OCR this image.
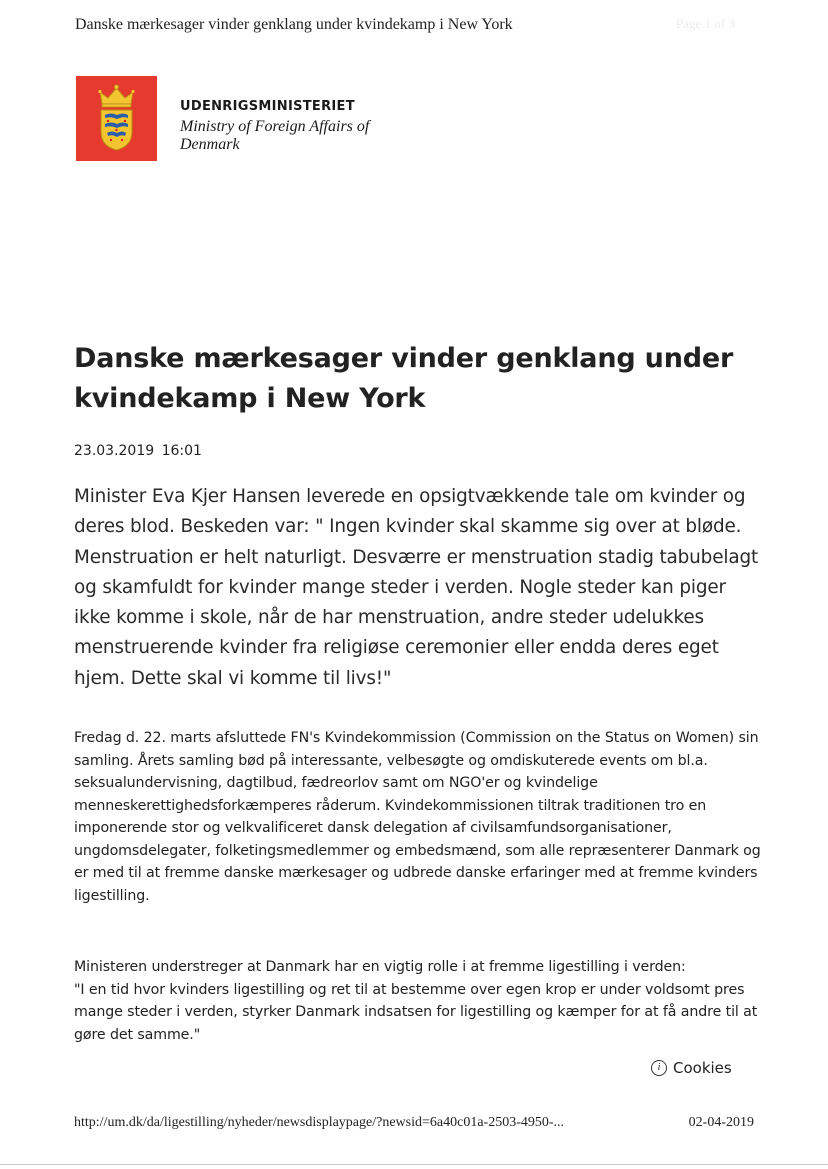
Danske mærkesager vinder genklang under kvindekamp i New York	Page 1 of 3
UDENRIGSMINISTERIET
Ministry of Foreign Affairs of Denmark
Danske mærkesager vinder genklang under kvindekamp i New York
23.03.2019 16:01

Minister Eva Kjer Hansen leverede en opsigtvækkende tale om kvinder og deres blod. Beskeden var: " Ingen kvinder skal skamme sig over at bløde. Menstruation er helt naturligt. Desværre er menstruation stadig tabubelagt og skamfuldt for kvinder mange steder i verden. Nogle steder kan piger ikke komme i skole, når de har menstruation, andre steder udelukkes menstruerende kvinder fra religiøse ceremonier eller endda deres eget hjem. Dette skal vi komme til livs!"

Fredag d. 22. marts afsluttede FN's Kvindekommission (Commission on the Status on Women) sin samling. Årets samling bød på interessante, velbesøgte og omdiskuterede events om bl.a. seksualundervisning, dagtilbud, fædreorlov samt om NGO'er og kvindelige menneskerettighedsforkæmperes råderum. Kvindekommissionen tiltrak traditionen tro en imponerende stor og velkvalificeret dansk delegation af civilsamfundsorganisationer, ungdomsdelegater, folketingsmedlemmer og embedsmænd, som alle repræsenterer Danmark og er med til at fremme danske mærkesager og udbrede danske erfaringer med at fremme kvinders ligestilling.

Ministeren understreger at Danmark har en vigtig rolle i at fremme ligestilling i verden:
"I en tid hvor kvinders ligestilling og ret til at bestemme over egen krop er under voldsomt pres mange steder i verden, styrker Danmark indsatsen for ligestilling og kæmper for at få andre til at gøre det samme."

i Cookies
http://um.dk/da/ligestilling/nyheder/newsdisplaypage/?newsid=6a40c01a-2503-4950-...	02-04-2019
